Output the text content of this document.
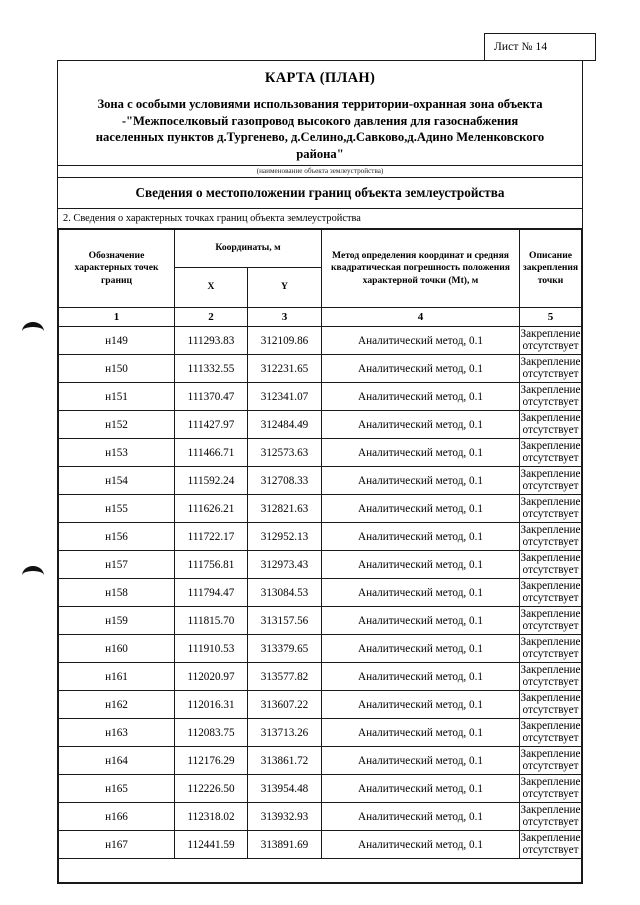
Лист № 14
КАРТА (ПЛАН)
Зона с особыми условиями использования территории-охранная зона объекта
-"Межпоселковый газопровод высокого давления для газоснабжения
населенных пунктов д.Тургенево, д.Селино,д.Савково,д.Адино Меленковского
района"
(наименование объекта землеустройства)
Сведения о местоположении границ объекта землеустройства
2. Сведения о характерных точках границ объекта землеустройства
Обозначение характерных точек границ	Координаты, м		Метод определения координат и средняя квадратическая погрешность положения характерной точки (Mt), м	Описание закрепления точки
	X	Y		
1	2	3	4	5
н149	111293.83	312109.86	Аналитический метод, 0.1	Закрепление отсутствует
н150	111332.55	312231.65	Аналитический метод, 0.1	Закрепление отсутствует
н151	111370.47	312341.07	Аналитический метод, 0.1	Закрепление отсутствует
н152	111427.97	312484.49	Аналитический метод, 0.1	Закрепление отсутствует
н153	111466.71	312573.63	Аналитический метод, 0.1	Закрепление отсутствует
н154	111592.24	312708.33	Аналитический метод, 0.1	Закрепление отсутствует
н155	111626.21	312821.63	Аналитический метод, 0.1	Закрепление отсутствует
н156	111722.17	312952.13	Аналитический метод, 0.1	Закрепление отсутствует
н157	111756.81	312973.43	Аналитический метод, 0.1	Закрепление отсутствует
н158	111794.47	313084.53	Аналитический метод, 0.1	Закрепление отсутствует
н159	111815.70	313157.56	Аналитический метод, 0.1	Закрепление отсутствует
н160	111910.53	313379.65	Аналитический метод, 0.1	Закрепление отсутствует
н161	112020.97	313577.82	Аналитический метод, 0.1	Закрепление отсутствует
н162	112016.31	313607.22	Аналитический метод, 0.1	Закрепление отсутствует
н163	112083.75	313713.26	Аналитический метод, 0.1	Закрепление отсутствует
н164	112176.29	313861.72	Аналитический метод, 0.1	Закрепление отсутствует
н165	112226.50	313954.48	Аналитический метод, 0.1	Закрепление отсутствует
н166	112318.02	313932.93	Аналитический метод, 0.1	Закрепление отсутствует
н167	112441.59	313891.69	Аналитический метод, 0.1	Закрепление отсутствует
